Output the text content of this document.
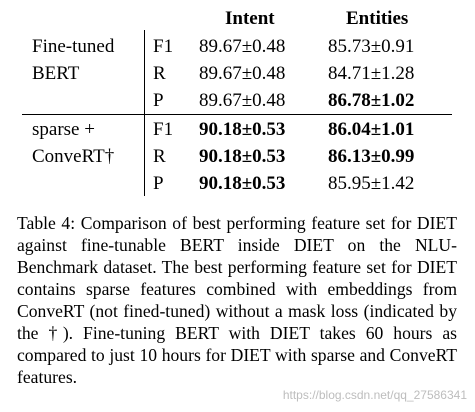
Intent	Entities
Fine-tuned
BERT
F1 89.67±0.48 85.73±0.91
R 89.67±0.48 84.71±1.28
P 89.67±0.48 86.78±1.02
sparse +
ConveRT†
F1 90.18±0.53 86.04±1.01
R 90.18±0.53 86.13±0.99
P 90.18±0.53 85.95±1.42
Table 4: Comparison of best performing feature set for DIET against fine-tunable BERT inside DIET on the NLU-Benchmark dataset. The best performing feature set for DIET contains sparse features combined with embeddings from ConveRT (not fined-tuned) without a mask loss (indicated by the †). Fine-tuning BERT with DIET takes 60 hours as compared to just 10 hours for DIET with sparse and ConveRT features.
https://blog.csdn.net/qq_27586341
